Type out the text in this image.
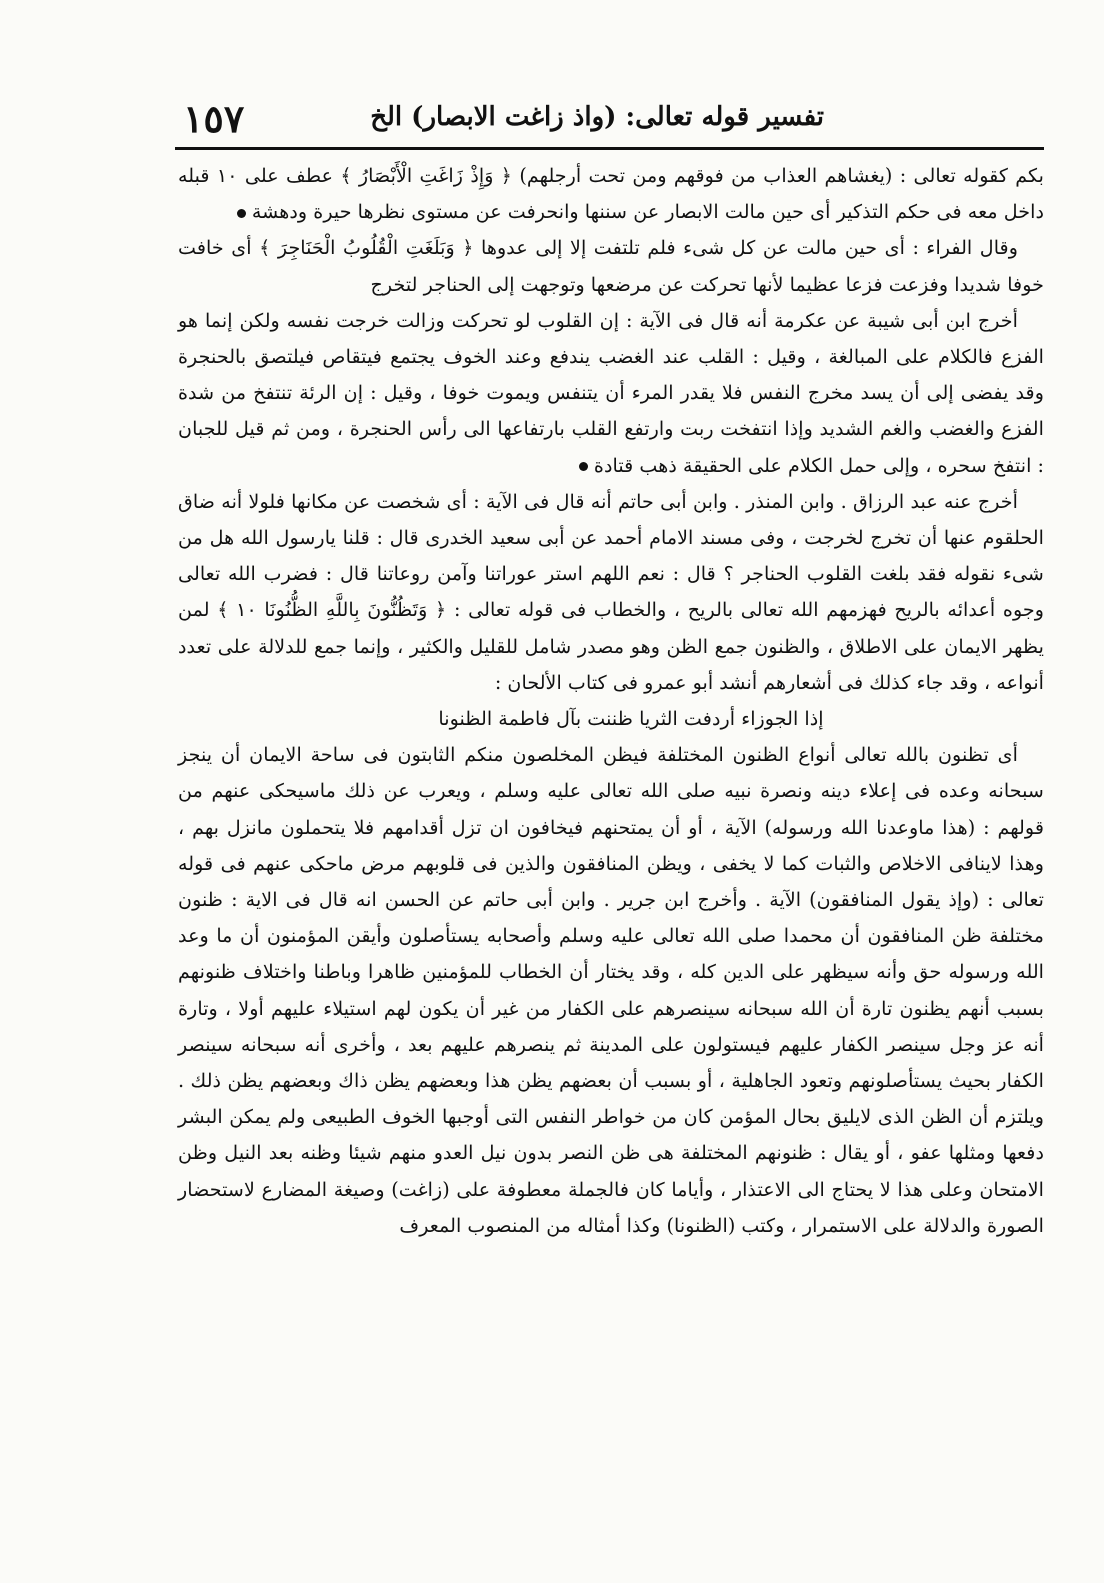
تفسير قوله تعالى: (واذ زاغت الابصار) الخ
١٥٧

بكم كقوله تعالى : (يغشاهم العذاب من فوقهم ومن تحت أرجلهم) ﴿ وَإِذْ زَاغَتِ الْأَبْصَارُ ﴾ عطف على ١٠ قبله داخل معه فى حكم التذكير أى حين مالت الابصار عن سننها وانحرفت عن مستوى نظرها حيرة ودهشة

وقال الفراء : أى حين مالت عن كل شىء فلم تلتفت إلا إلى عدوها ﴿ وَبَلَغَتِ الْقُلُوبُ الْحَنَاجِرَ ﴾ أى خافت خوفا شديدا وفزعت فزعا عظيما لأنها تحركت عن مرضعها وتوجهت إلى الحناجر لتخرج

أخرج ابن أبى شيبة عن عكرمة أنه قال فى الآية : إن القلوب لو تحركت وزالت خرجت نفسه ولكن إنما هو الفزع فالكلام على المبالغة ، وقيل : القلب عند الغضب يندفع وعند الخوف يجتمع فيتقاص فيلتصق بالحنجرة وقد يفضى إلى أن يسد مخرج النفس فلا يقدر المرء أن يتنفس ويموت خوفا ، وقيل : إن الرئة تنتفخ من شدة الفزع والغضب والغم الشديد وإذا انتفخت ربت وارتفع القلب بارتفاعها الى رأس الحنجرة ، ومن ثم قيل للجبان : انتفخ سحره ، وإلى حمل الكلام على الحقيقة ذهب قتادة

أخرج عنه عبد الرزاق . وابن المنذر . وابن أبى حاتم أنه قال فى الآية : أى شخصت عن مكانها فلولا أنه ضاق الحلقوم عنها أن تخرج لخرجت ، وفى مسند الامام أحمد عن أبى سعيد الخدرى قال : قلنا يارسول الله هل من شىء نقوله فقد بلغت القلوب الحناجر ؟ قال : نعم اللهم استر عوراتنا وآمن روعاتنا قال : فضرب الله تعالى وجوه أعدائه بالريح فهزمهم الله تعالى بالريح ، والخطاب فى قوله تعالى : ﴿ وَتَظُنُّونَ بِاللَّهِ الظُّنُونَا ١٠ ﴾ لمن يظهر الايمان على الاطلاق ، والظنون جمع الظن وهو مصدر شامل للقليل والكثير ، وإنما جمع للدلالة على تعدد أنواعه ، وقد جاء كذلك فى أشعارهم أنشد أبو عمرو فى كتاب الألحان :

إذا الجوزاء أردفت الثريا ظننت بآل فاطمة الظنونا

أى تظنون بالله تعالى أنواع الظنون المختلفة فيظن المخلصون منكم الثابتون فى ساحة الايمان أن ينجز سبحانه وعده فى إعلاء دينه ونصرة نبيه صلى الله تعالى عليه وسلم ، ويعرب عن ذلك ماسيحكى عنهم من قولهم : (هذا ماوعدنا الله ورسوله) الآية ، أو أن يمتحنهم فيخافون ان تزل أقدامهم فلا يتحملون مانزل بهم ، وهذا لاينافى الاخلاص والثبات كما لا يخفى ، ويظن المنافقون والذين فى قلوبهم مرض ماحكى عنهم فى قوله تعالى : (وإذ يقول المنافقون) الآية . وأخرج ابن جرير . وابن أبى حاتم عن الحسن انه قال فى الاية : ظنون مختلفة ظن المنافقون أن محمدا صلى الله تعالى عليه وسلم وأصحابه يستأصلون وأيقن المؤمنون أن ما وعد الله ورسوله حق وأنه سيظهر على الدين كله ، وقد يختار أن الخطاب للمؤمنين ظاهرا وباطنا واختلاف ظنونهم بسبب أنهم يظنون تارة أن الله سبحانه سينصرهم على الكفار من غير أن يكون لهم استيلاء عليهم أولا ، وتارة أنه عز وجل سينصر الكفار عليهم فيستولون على المدينة ثم ينصرهم عليهم بعد ، وأخرى أنه سبحانه سينصر الكفار بحيث يستأصلونهم وتعود الجاهلية ، أو بسبب أن بعضهم يظن هذا وبعضهم يظن ذاك وبعضهم يظن ذلك . ويلتزم أن الظن الذى لايليق بحال المؤمن كان من خواطر النفس التى أوجبها الخوف الطبيعى ولم يمكن البشر دفعها ومثلها عفو ، أو يقال : ظنونهم المختلفة هى ظن النصر بدون نيل العدو منهم شيئا وظنه بعد النيل وظن الامتحان وعلى هذا لا يحتاج الى الاعتذار ، وأياما كان فالجملة معطوفة على (زاغت) وصيغة المضارع لاستحضار الصورة والدلالة على الاستمرار ، وكتب (الظنونا) وكذا أمثاله من المنصوب المعرف
